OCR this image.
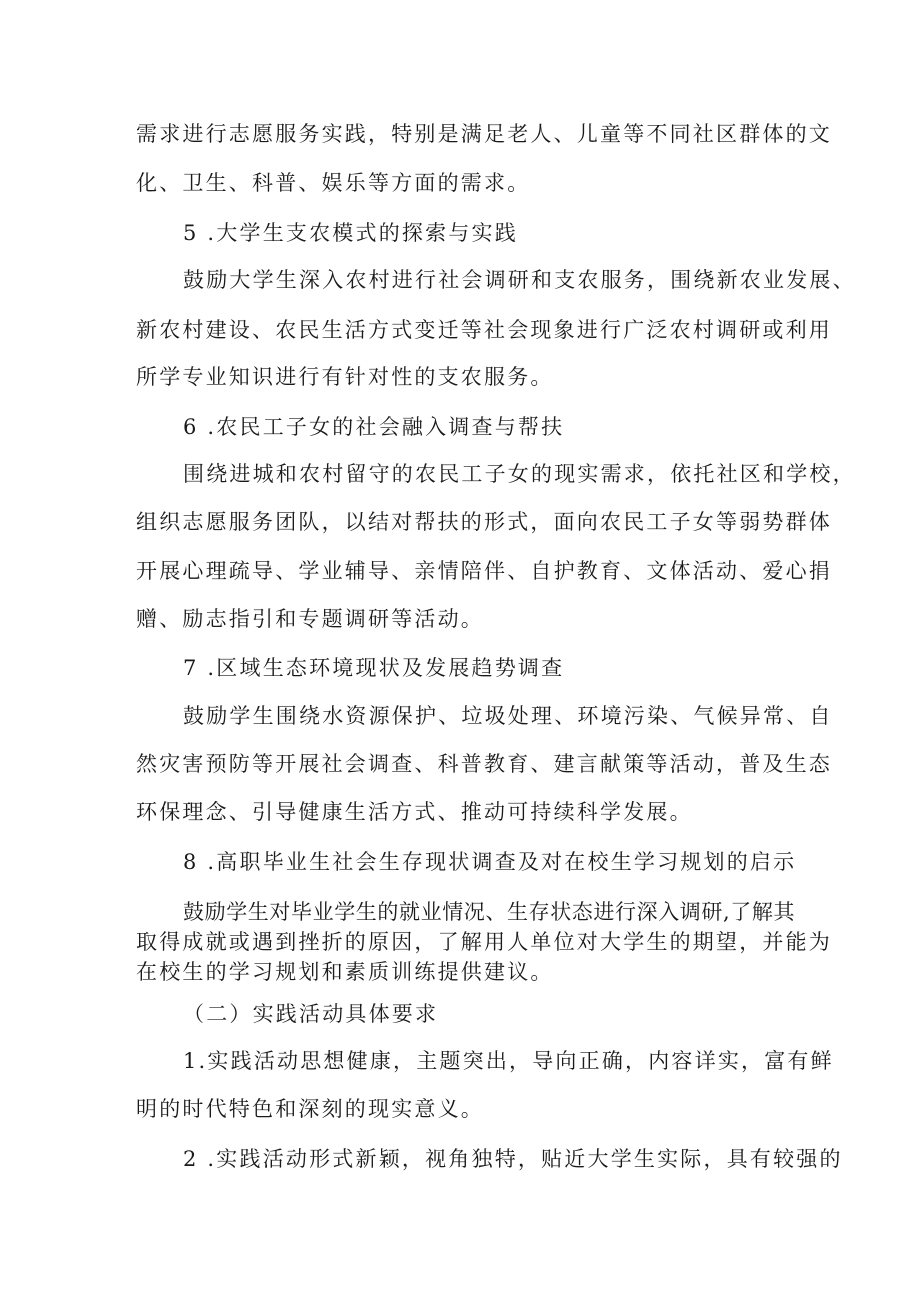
需求进行志愿服务实践，特别是满足老人、儿童等不同社区群体的文
化、卫生、科普、娱乐等方面的需求。
5 .大学生支农模式的探索与实践
鼓励大学生深入农村进行社会调研和支农服务，围绕新农业发展、
新农村建设、农民生活方式变迁等社会现象进行广泛农村调研或利用
所学专业知识进行有针对性的支农服务。
6 .农民工子女的社会融入调查与帮扶
围绕进城和农村留守的农民工子女的现实需求，依托社区和学校，
组织志愿服务团队，以结对帮扶的形式，面向农民工子女等弱势群体
开展心理疏导、学业辅导、亲情陪伴、自护教育、文体活动、爱心捐
赠、励志指引和专题调研等活动。
7 .区域生态环境现状及发展趋势调查
鼓励学生围绕水资源保护、垃圾处理、环境污染、气候异常、自
然灾害预防等开展社会调查、科普教育、建言献策等活动，普及生态
环保理念、引导健康生活方式、推动可持续科学发展。
8 .高职毕业生社会生存现状调查及对在校生学习规划的启示
鼓励学生对毕业学生的就业情况、生存状态进行深入调研,了解其
取得成就或遇到挫折的原因，了解用人单位对大学生的期望，并能为
在校生的学习规划和素质训练提供建议。
（二）实践活动具体要求
1.实践活动思想健康，主题突出，导向正确，内容详实，富有鲜
明的时代特色和深刻的现实意义。
2 .实践活动形式新颖，视角独特，贴近大学生实际，具有较强的
